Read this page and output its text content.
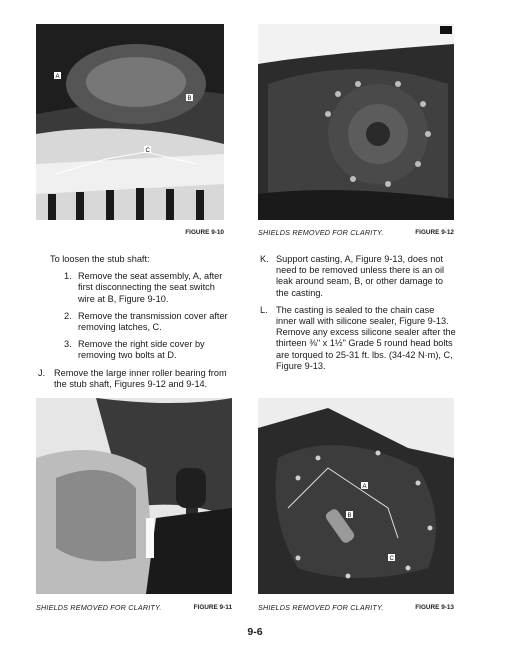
A
B
C
FIGURE 9-10	SHIELDS REMOVED FOR CLARITY.	FIGURE 9-12

To loosen the stub shaft:

1. Remove the seat assembly, A, after first disconnecting the seat switch wire at B, Figure 9-10.
2. Remove the transmission cover after removing latches, C.
3. Remove the right side cover by removing two bolts at D.
J. Remove the large inner roller bearing from the stub shaft, Figures 9-12 and 9-14.
K. Support casting, A, Figure 9-13, does not need to be removed unless there is an oil leak around seam, B, or other damage to the casting.
L. The casting is sealed to the chain case inner wall with silicone sealer, Figure 9-13. Remove any excess silicone sealer after the thirteen ⅜" x 1½" Grade 5 round head bolts are torqued to 25-31 ft. lbs. (34-42 N·m), C, Figure 9-13.
SHIELDS REMOVED FOR CLARITY.	FIGURE 9-11
A
B
C
SHIELDS REMOVED FOR CLARITY.	FIGURE 9-13
9-6
